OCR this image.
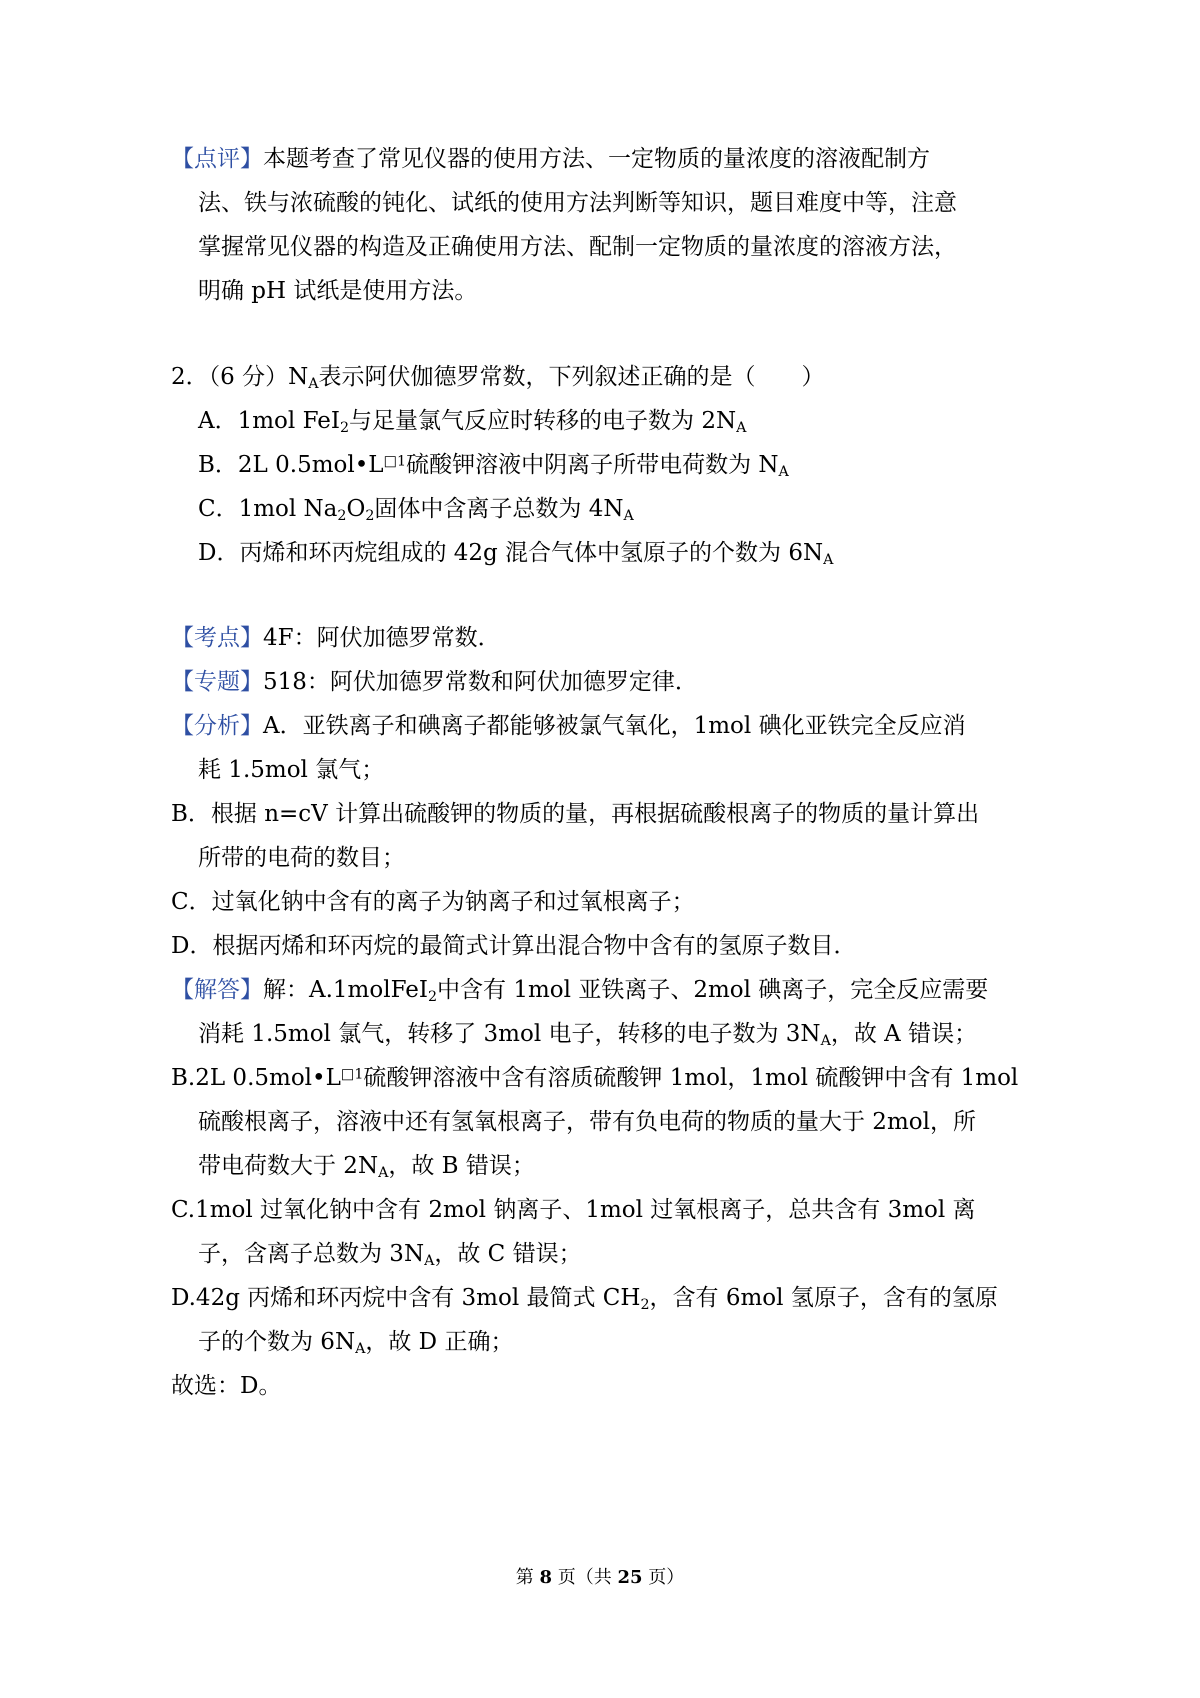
【点评】本题考查了常见仪器的使用方法、一定物质的量浓度的溶液配制方
法、铁与浓硫酸的钝化、试纸的使用方法判断等知识，题目难度中等，注意
掌握常见仪器的构造及正确使用方法、配制一定物质的量浓度的溶液方法，
明确 pH 试纸是使用方法。
2．（6 分）$N_A$表示阿伏伽德罗常数，下列叙述正确的是（　　）
A．1mol FeI$_2$与足量氯气反应时转移的电子数为 $2N_A$
B．2L $0.5mol•L^{□1}$硫酸钾溶液中阴离子所带电荷数为 $N_A$
C．1mol $Na_2O_2$固体中含离子总数为 $4N_A$
D．丙烯和环丙烷组成的 42g 混合气体中氢原子的个数为 $6N_A$
【考点】4F：阿伏加德罗常数．
【专题】518：阿伏加德罗常数和阿伏加德罗定律．
【分析】A．亚铁离子和碘离子都能够被氯气氧化，1mol 碘化亚铁完全反应消
耗 1.5mol 氯气；
B．根据 n=cV 计算出硫酸钾的物质的量，再根据硫酸根离子的物质的量计算出
所带的电荷的数目；
C．过氧化钠中含有的离子为钠离子和过氧根离子；
D．根据丙烯和环丙烷的最简式计算出混合物中含有的氢原子数目．
【解答】解：A.1molFeI$_2$中含有 1mol 亚铁离子、2mol 碘离子，完全反应需要
消耗 1.5mol 氯气，转移了 3mol 电子，转移的电子数为 $3N_A$，故 A 错误；
B.2L $0.5mol•L^{□1}$硫酸钾溶液中含有溶质硫酸钾 1mol，1mol 硫酸钾中含有 1mol
硫酸根离子，溶液中还有氢氧根离子，带有负电荷的物质的量大于 2mol，所
带电荷数大于 $2N_A$，故 B 错误；
C.1mol 过氧化钠中含有 2mol 钠离子、1mol 过氧根离子，总共含有 3mol 离
子，含离子总数为 $3N_A$，故 C 错误；
D.42g 丙烯和环丙烷中含有 3mol 最简式 $CH_2$，含有 6mol 氢原子，含有的氢原
子的个数为 $6N_A$，故 D 正确；
故选：D。
第 8 页（共 25 页）
